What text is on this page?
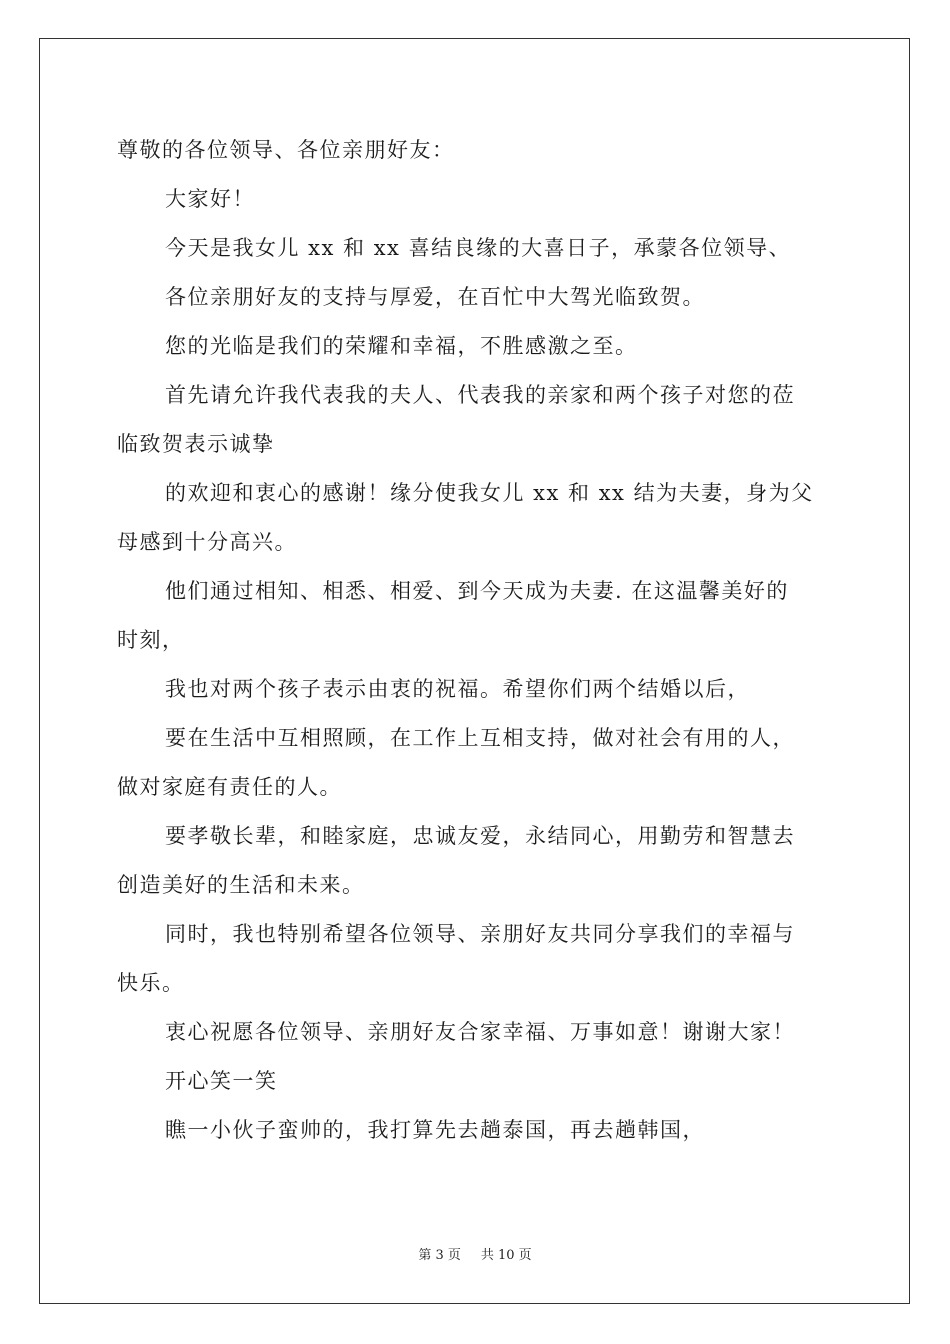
尊敬的各位领导、各位亲朋好友：
大家好！
今天是我女儿 xx 和 xx 喜结良缘的大喜日子，承蒙各位领导、
各位亲朋好友的支持与厚爱，在百忙中大驾光临致贺。
您的光临是我们的荣耀和幸福，不胜感激之至。
首先请允许我代表我的夫人、代表我的亲家和两个孩子对您的莅
临致贺表示诚挚
的欢迎和衷心的感谢！缘分使我女儿 xx 和 xx 结为夫妻，身为父
母感到十分高兴。
他们通过相知、相悉、相爱、到今天成为夫妻. 在这温馨美好的
时刻，
我也对两个孩子表示由衷的祝福。希望你们两个结婚以后，
要在生活中互相照顾，在工作上互相支持，做对社会有用的人，
做对家庭有责任的人。
要孝敬长辈，和睦家庭，忠诚友爱，永结同心，用勤劳和智慧去
创造美好的生活和未来。
同时，我也特别希望各位领导、亲朋好友共同分享我们的幸福与
快乐。
衷心祝愿各位领导、亲朋好友合家幸福、万事如意！谢谢大家！
开心笑一笑
瞧一小伙子蛮帅的，我打算先去趟泰国，再去趟韩国，
第 3 页 共 10 页
